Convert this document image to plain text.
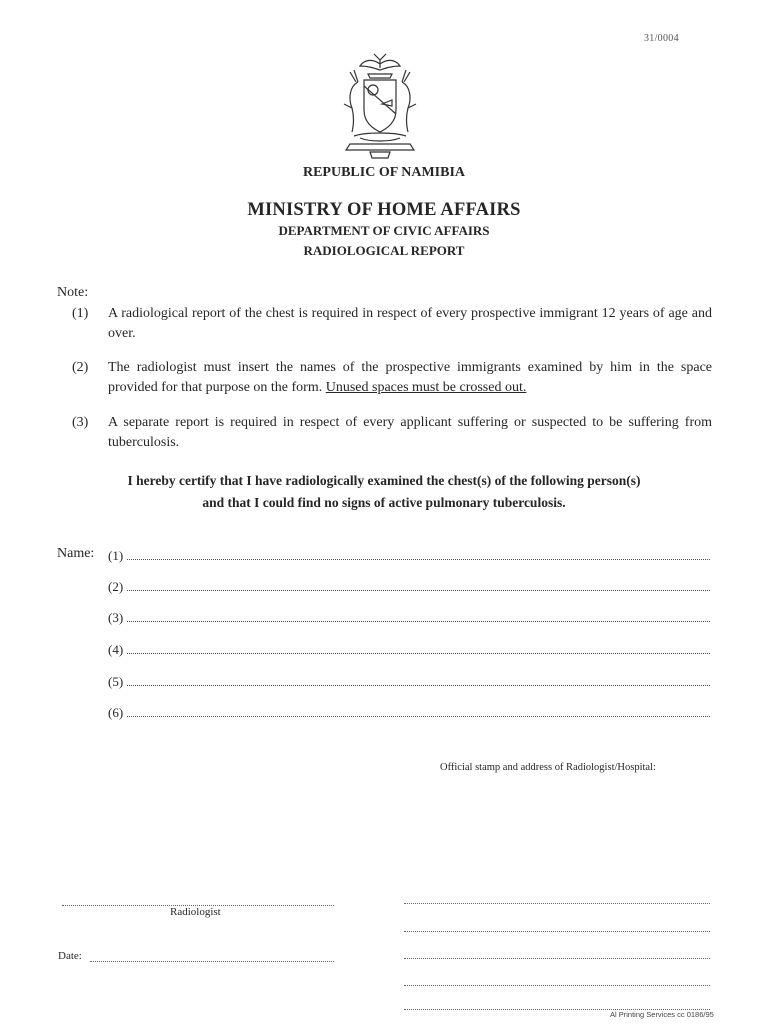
31/0004
REPUBLIC OF NAMIBIA
MINISTRY OF HOME AFFAIRS
DEPARTMENT OF CIVIC AFFAIRS
RADIOLOGICAL REPORT
Note:
(1) A radiological report of the chest is required in respect of every prospective immigrant 12 years of age and over.
(2) The radiologist must insert the names of the prospective immigrants examined by him in the space provided for that purpose on the form. Unused spaces must be crossed out.
(3) A separate report is required in respect of every applicant suffering or suspected to be suffering from tuberculosis.
I hereby certify that I have radiologically examined the chest(s) of the following person(s)
and that I could find no signs of active pulmonary tuberculosis.
Name: (1)
(2)
(3)
(4)
(5)
(6)
Official stamp and address of Radiologist/Hospital:
Radiologist
Date:
Al Printing Services cc 0186/95
